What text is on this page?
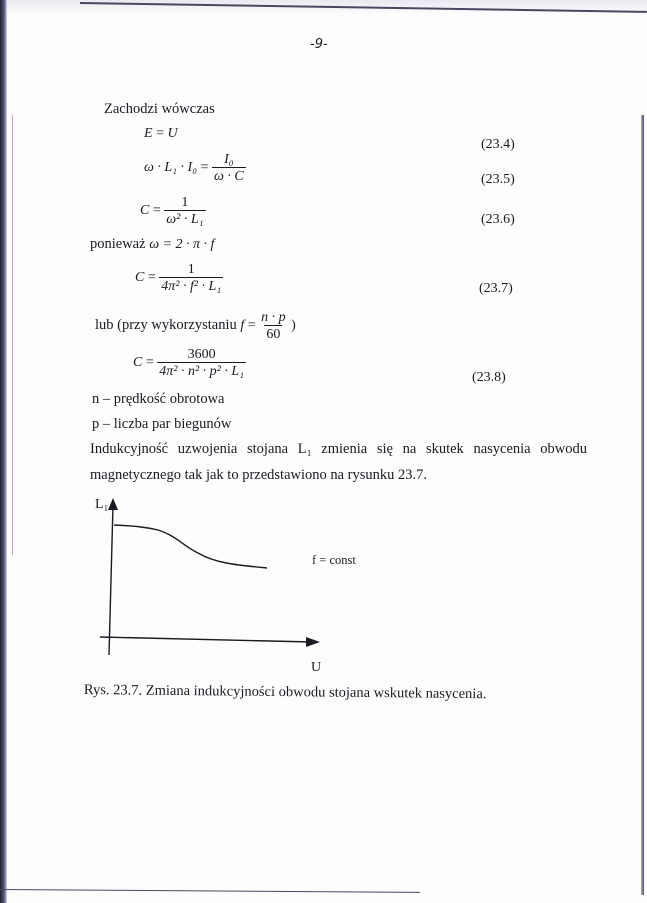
-9-
Zachodzi wówczas
E = U
(23.4)
$\omega \cdot L_1 \cdot I_0 = \frac{\text{I₀}}{\omega \cdot C}$	(23.5)
$C = \frac{1}{\text{ω² · L₁}}$	(23.6)
ponieważ ω = 2 · π · f
$C = \frac{1}{\text{4π² · f² · L₁}}$	(23.7)
lub (przy wykorzystaniu $f = \frac{n \cdot p}{60}$ )
$C = \frac{3600}{\text{4π² · n² · p² · L₁}}$	(23.8)
n – prędkość obrotowa
p – liczba par biegunów
Indukcyjność uzwojenia stojana L₁ zmienia się na skutek nasycenia obwodu
magnetycznego tak jak to przedstawiono na rysunku 23.7.
L₁
f = const
U
Rys. 23.7. Zmiana indukcyjności obwodu stojana wskutek nasycenia.
